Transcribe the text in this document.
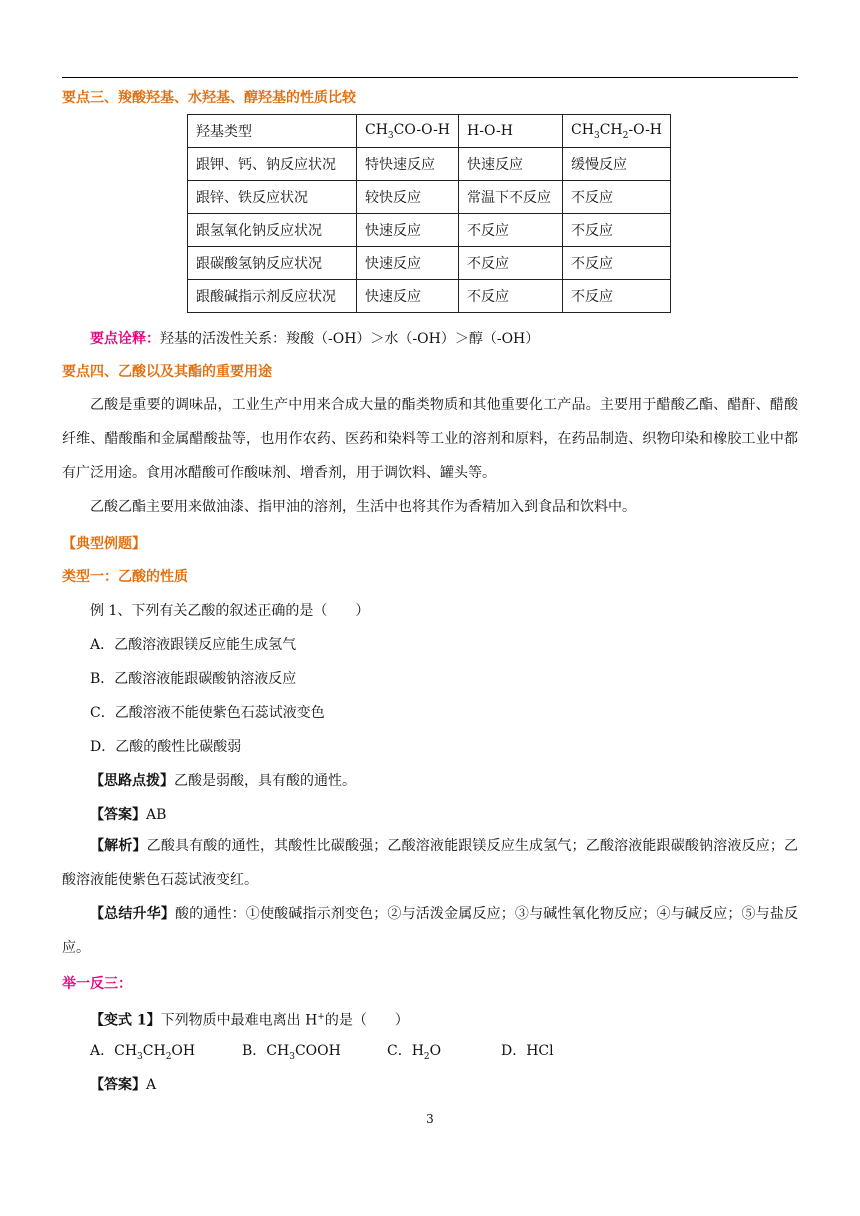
要点三、羧酸羟基、水羟基、醇羟基的性质比较
羟基类型	$CH_3CO-O-H$	H-O-H	$CH_3CH_2-O-H$
跟钾、钙、钠反应状况	特快速反应	快速反应	缓慢反应
跟锌、铁反应状况	较快反应	常温下不反应	不反应
跟氢氧化钠反应状况	快速反应	不反应	不反应
跟碳酸氢钠反应状况	快速反应	不反应	不反应
跟酸碱指示剂反应状况	快速反应	不反应	不反应
要点诠释：羟基的活泼性关系：羧酸（-OH）＞水（-OH）＞醇（-OH）
要点四、乙酸以及其酯的重要用途
乙酸是重要的调味品，工业生产中用来合成大量的酯类物质和其他重要化工产品。主要用于醋酸乙酯、醋酐、醋酸纤维、醋酸酯和金属醋酸盐等，也用作农药、医药和染料等工业的溶剂和原料，在药品制造、织物印染和橡胶工业中都有广泛用途。食用冰醋酸可作酸味剂、增香剂，用于调饮料、罐头等。
乙酸乙酯主要用来做油漆、指甲油的溶剂，生活中也将其作为香精加入到食品和饮料中。
【典型例题】
类型一：乙酸的性质
例 1、下列有关乙酸的叙述正确的是（　　）
A．乙酸溶液跟镁反应能生成氢气
B．乙酸溶液能跟碳酸钠溶液反应
C．乙酸溶液不能使紫色石蕊试液变色
D．乙酸的酸性比碳酸弱
【思路点拨】乙酸是弱酸，具有酸的通性。
【答案】AB
【解析】乙酸具有酸的通性，其酸性比碳酸强；乙酸溶液能跟镁反应生成氢气；乙酸溶液能跟碳酸钠溶液反应；乙酸溶液能使紫色石蕊试液变红。
【总结升华】酸的通性：①使酸碱指示剂变色；②与活泼金属反应；③与碱性氧化物反应；④与碱反应；⑤与盐反应。
举一反三：
【变式 1】下列物质中最难电离出 H+的是（　　）
A．$CH_3CH_2OH$	B．$CH_3COOH$	C．$H_2O$	D．HCl
【答案】A
3
